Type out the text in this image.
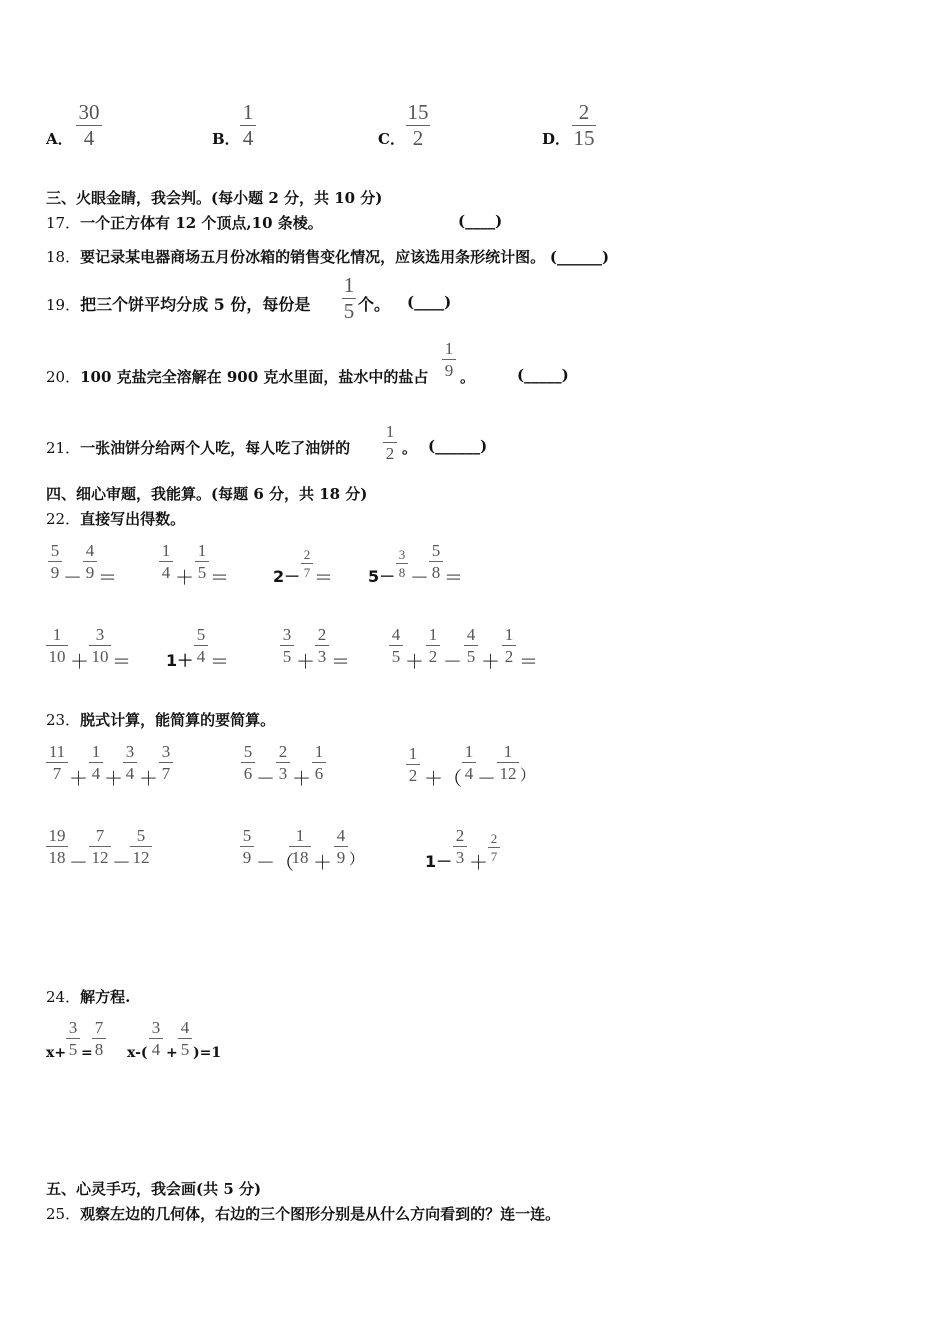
A．
30
4	B．
1
4	C．
15
2	D．
2
15
三、火眼金睛，我会判。(每小题 2 分，共 10 分)
17．一个正方体有 12 个顶点,10 条棱。	(____)
18．要记录某电器商场五月份冰箱的销售变化情况，应该选用条形统计图。 (______)
19．把三个饼平均分成 5 份，每份是
1
5 个。 (____)
20．100 克盐完全溶解在 900 克水里面，盐水中的盐占
1
9 。	(_____)
21．一张油饼分给两个人吃，每人吃了油饼的
1
2 。 (______)
四、细心审题，我能算。(每题 6 分，共 18 分)
22．直接写出得数。
5
9 －
4
9 ＝
1
4 ＋
1
5 ＝	2－
2
7 ＝ 5－
3
8 －
5
8 ＝
1
10 ＋
3
10 ＝ 1＋
5
4 ＝
3
5 ＋
2
3 ＝
4
5 ＋
1
2 －
4
5 ＋
1
2 ＝
23．脱式计算，能简算的要简算。
11
7 ＋
1
4 ＋
3
4 ＋
3
7
5
6 －
2
3 ＋
1
6
1
2 ＋（
1
4 －
1
12 ）
19
18 －
7
12 －
5
12
5
9 －（
1
18 ＋
4
9 ）	1－
2
3 ＋
2
7
24．解方程.
x+
3
5 =
7
8 x-(
3
4 +
4
5 )=1
五、心灵手巧，我会画(共 5 分)
25．观察左边的几何体，右边的三个图形分别是从什么方向看到的？连一连。
